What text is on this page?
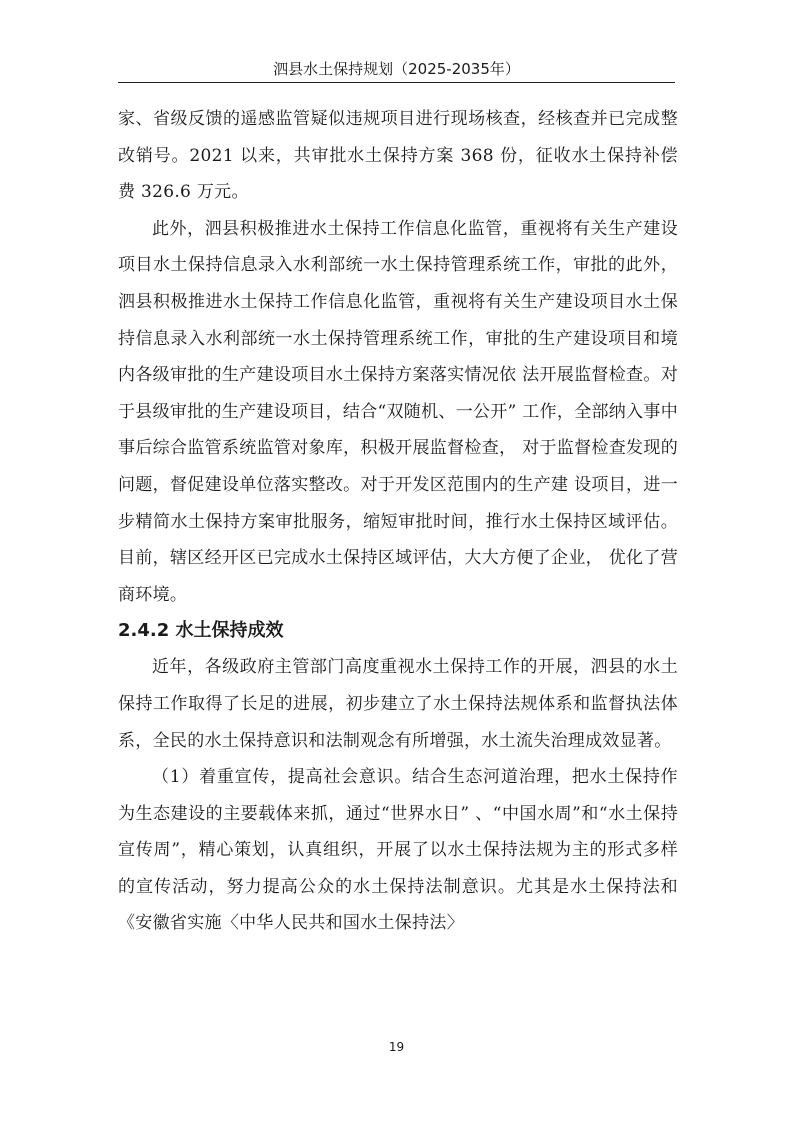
泗县水土保持规划（2025-2035年）

家、省级反馈的遥感监管疑似违规项目进行现场核查，经核查并已完成整改销号。2021 以来，共审批水土保持方案 368 份，征收水土保持补偿费 326.6 万元。

此外，泗县积极推进水土保持工作信息化监管，重视将有关生产建设项目水土保持信息录入水利部统一水土保持管理系统工作，审批的此外，泗县积极推进水土保持工作信息化监管，重视将有关生产建设项目水土保持信息录入水利部统一水土保持管理系统工作，审批的生产建设项目和境内各级审批的生产建设项目水土保持方案落实情况依 法开展监督检查。对于县级审批的生产建设项目，结合“双随机、一公开” 工作，全部纳入事中事后综合监管系统监管对象库，积极开展监督检查， 对于监督检查发现的问题，督促建设单位落实整改。对于开发区范围内的生产建 设项目，进一步精简水土保持方案审批服务，缩短审批时间，推行水土保持区域评估。目前，辖区经开区已完成水土保持区域评估，大大方便了企业， 优化了营商环境。

2.4.2 水土保持成效

近年，各级政府主管部门高度重视水土保持工作的开展，泗县的水土保持工作取得了长足的进展，初步建立了水土保持法规体系和监督执法体系，全民的水土保持意识和法制观念有所增强，水土流失治理成效显著。

（1）着重宣传，提高社会意识。结合生态河道治理，把水土保持作为生态建设的主要载体来抓，通过“世界水日” 、“中国水周”和“水土保持 宣传周”，精心策划，认真组织，开展了以水土保持法规为主的形式多样 的宣传活动，努力提高公众的水土保持法制意识。尤其是水土保持法和 《安徽省实施〈中华人民共和国水土保持法〉

19
